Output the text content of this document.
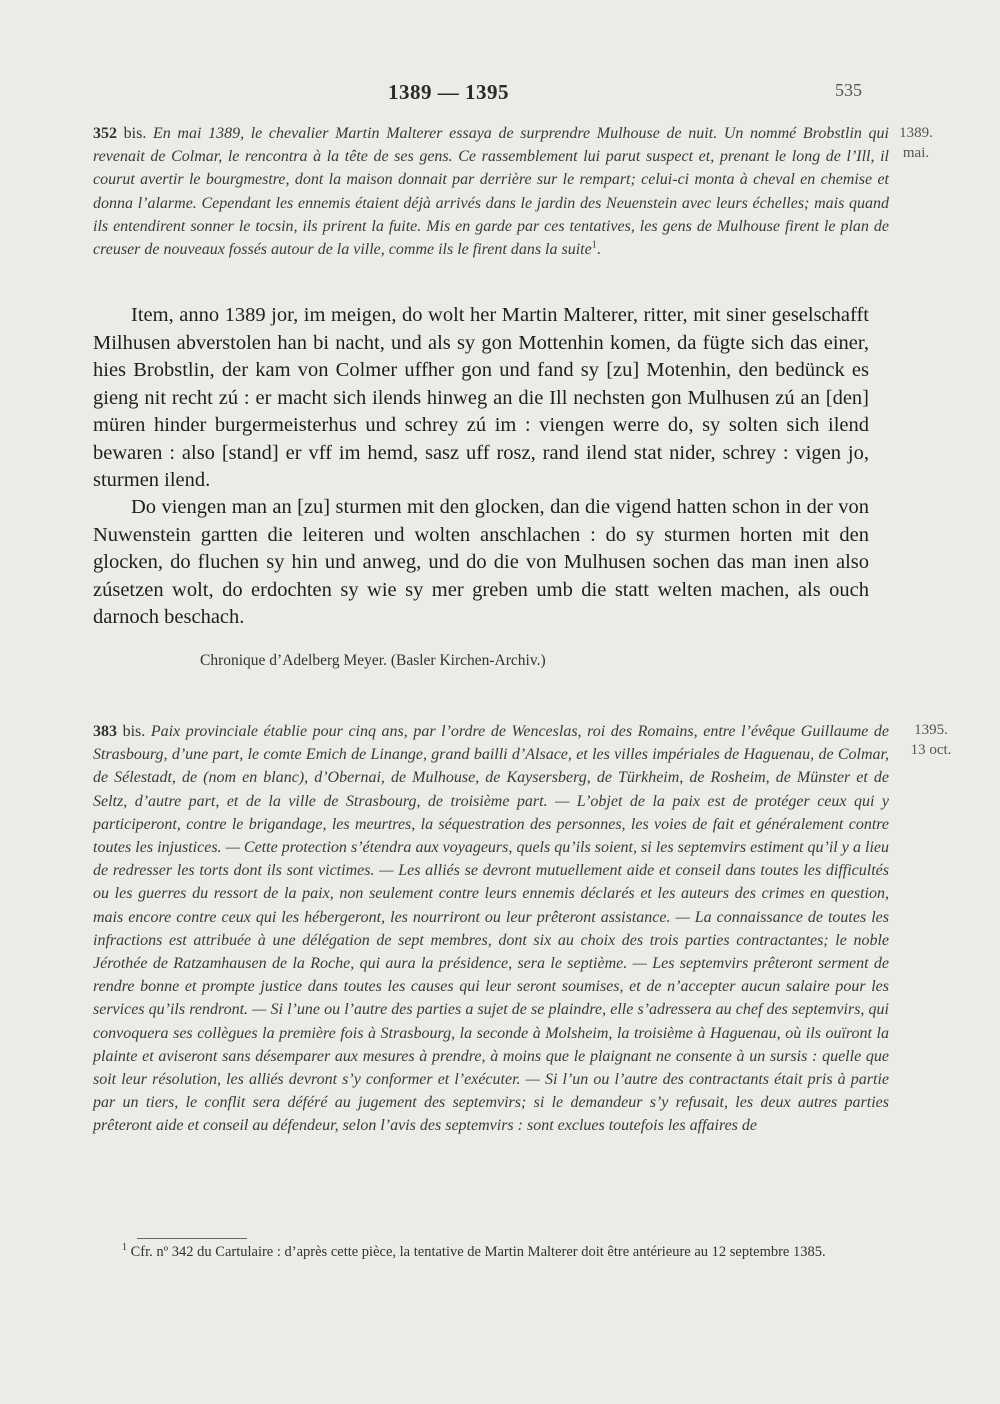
1389 — 1395	535
1389.
mai.

352 bis. En mai 1389, le chevalier Martin Malterer essaya de surprendre Mulhouse de nuit. Un nommé Brobstlin qui revenait de Colmar, le rencontra à la tête de ses gens. Ce rassemblement lui parut suspect et, prenant le long de l’Ill, il courut avertir le bourgmestre, dont la maison donnait par derrière sur le rempart; celui-ci monta à cheval en chemise et donna l’alarme. Cependant les ennemis étaient déjà arrivés dans le jardin des Neuenstein avec leurs échelles; mais quand ils entendirent sonner le tocsin, ils prirent la fuite. Mis en garde par ces tentatives, les gens de Mulhouse firent le plan de creuser de nouveaux fossés autour de la ville, comme ils le firent dans la suite$^1$.

Item, anno 1389 jor, im meigen, do wolt her Martin Malterer, ritter, mit siner geselschafft Milhusen abverstolen han bi nacht, und als sy gon Mottenhin komen, da fügte sich das einer, hies Brobstlin, der kam von Colmer uffher gon und fand sy [zu] Motenhin, den bedünck es gieng nit recht zú : er macht sich ilends hinweg an die Ill nechsten gon Mulhusen zú an [den] müren hinder burgermeisterhus und schrey zú im : viengen werre do, sy solten sich ilend bewaren : also [stand] er vff im hemd, sasz uff rosz, rand ilend stat nider, schrey : vigen jo, sturmen ilend.

Do viengen man an [zu] sturmen mit den glocken, dan die vigend hatten schon in der von Nuwenstein gartten die leiteren und wolten anschlachen : do sy sturmen horten mit den glocken, do fluchen sy hin und anweg, und do die von Mulhusen sochen das man inen also zúsetzen wolt, do erdochten sy wie sy mer greben umb die statt welten machen, als ouch darnoch beschach.

Chronique d’Adelberg Meyer. (Basler Kirchen-Archiv.)
1395.
13 oct.

383 bis. Paix provinciale établie pour cinq ans, par l’ordre de Wenceslas, roi des Romains, entre l’évêque Guillaume de Strasbourg, d’une part, le comte Emich de Linange, grand bailli d’Alsace, et les villes impériales de Haguenau, de Colmar, de Sélestadt, de (nom en blanc), d’Obernai, de Mulhouse, de Kaysersberg, de Türkheim, de Rosheim, de Münster et de Seltz, d’autre part, et de la ville de Strasbourg, de troisième part. — L’objet de la paix est de protéger ceux qui y participeront, contre le brigandage, les meurtres, la séquestration des personnes, les voies de fait et généralement contre toutes les injustices. — Cette protection s’étendra aux voyageurs, quels qu’ils soient, si les septemvirs estiment qu’il y a lieu de redresser les torts dont ils sont victimes. — Les alliés se devront mutuellement aide et conseil dans toutes les difficultés ou les guerres du ressort de la paix, non seulement contre leurs ennemis déclarés et les auteurs des crimes en question, mais encore contre ceux qui les hébergeront, les nourriront ou leur prêteront assistance. — La connaissance de toutes les infractions est attribuée à une délégation de sept membres, dont six au choix des trois parties contractantes; le noble Jérothée de Ratzamhausen de la Roche, qui aura la présidence, sera le septième. — Les septemvirs prêteront serment de rendre bonne et prompte justice dans toutes les causes qui leur seront soumises, et de n’accepter aucun salaire pour les services qu’ils rendront. — Si l’une ou l’autre des parties a sujet de se plaindre, elle s’adressera au chef des septemvirs, qui convoquera ses collègues la première fois à Strasbourg, la seconde à Molsheim, la troisième à Haguenau, où ils ouïront la plainte et aviseront sans désemparer aux mesures à prendre, à moins que le plaignant ne consente à un sursis : quelle que soit leur résolution, les alliés devront s’y conformer et l’exécuter. — Si l’un ou l’autre des contractants était pris à partie par un tiers, le conflit sera déféré au jugement des septemvirs; si le demandeur s’y refusait, les deux autres parties prêteront aide et conseil au défendeur, selon l’avis des septemvirs : sont exclues toutefois les affaires de

$^1$ Cfr. nº 342 du Cartulaire : d’après cette pièce, la tentative de Martin Malterer doit être antérieure au 12 septembre 1385.
